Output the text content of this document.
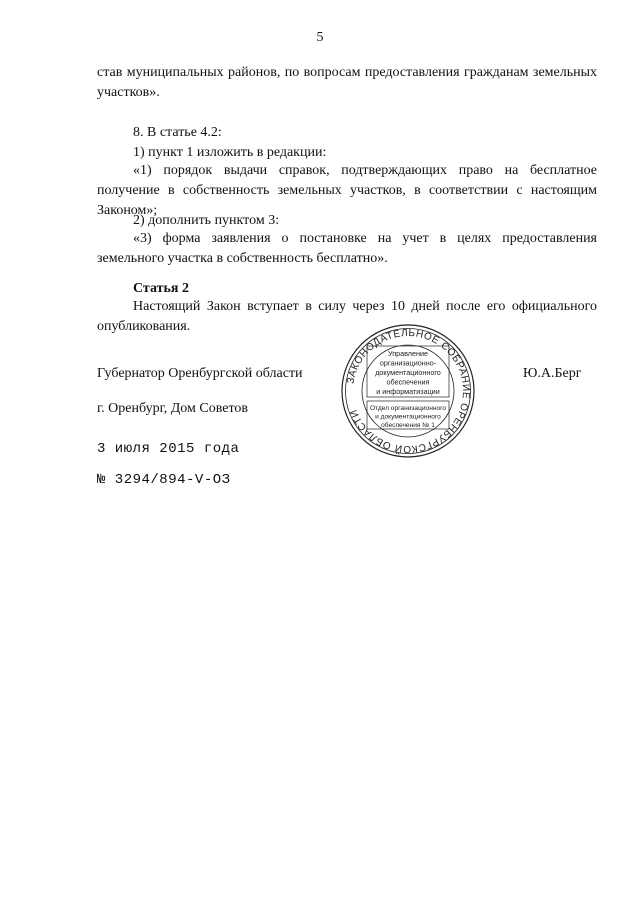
5

став муниципальных районов, по вопросам предоставления гражданам земельных участков».

8. В статье 4.2:

1) пункт 1 изложить в редакции:

«1) порядок выдачи справок, подтверждающих право на бесплатное получение в собственность земельных участков, в соответствии с настоящим Законом»;

2) дополнить пунктом 3:

«3) форма заявления о постановке на учет в целях предоставления земельного участка в собственность бесплатно».

Статья 2

Настоящий Закон вступает в силу через 10 дней после его официального опубликования.

Губернатор Оренбургской области	Ю.А.Берг
г. Оренбург, Дом Советов
3 июля 2015 года
№ 3294/894-V-ОЗ
ЗАКОНОДАТЕЛЬНОЕ СОБРАНИЕ ОРЕНБУРГСКОЙ ОБЛАСТИ
Управление
организационно-
документационного
обеспечения
и информатизации
Отдел организационного
и документационного
обеспечения № 1
